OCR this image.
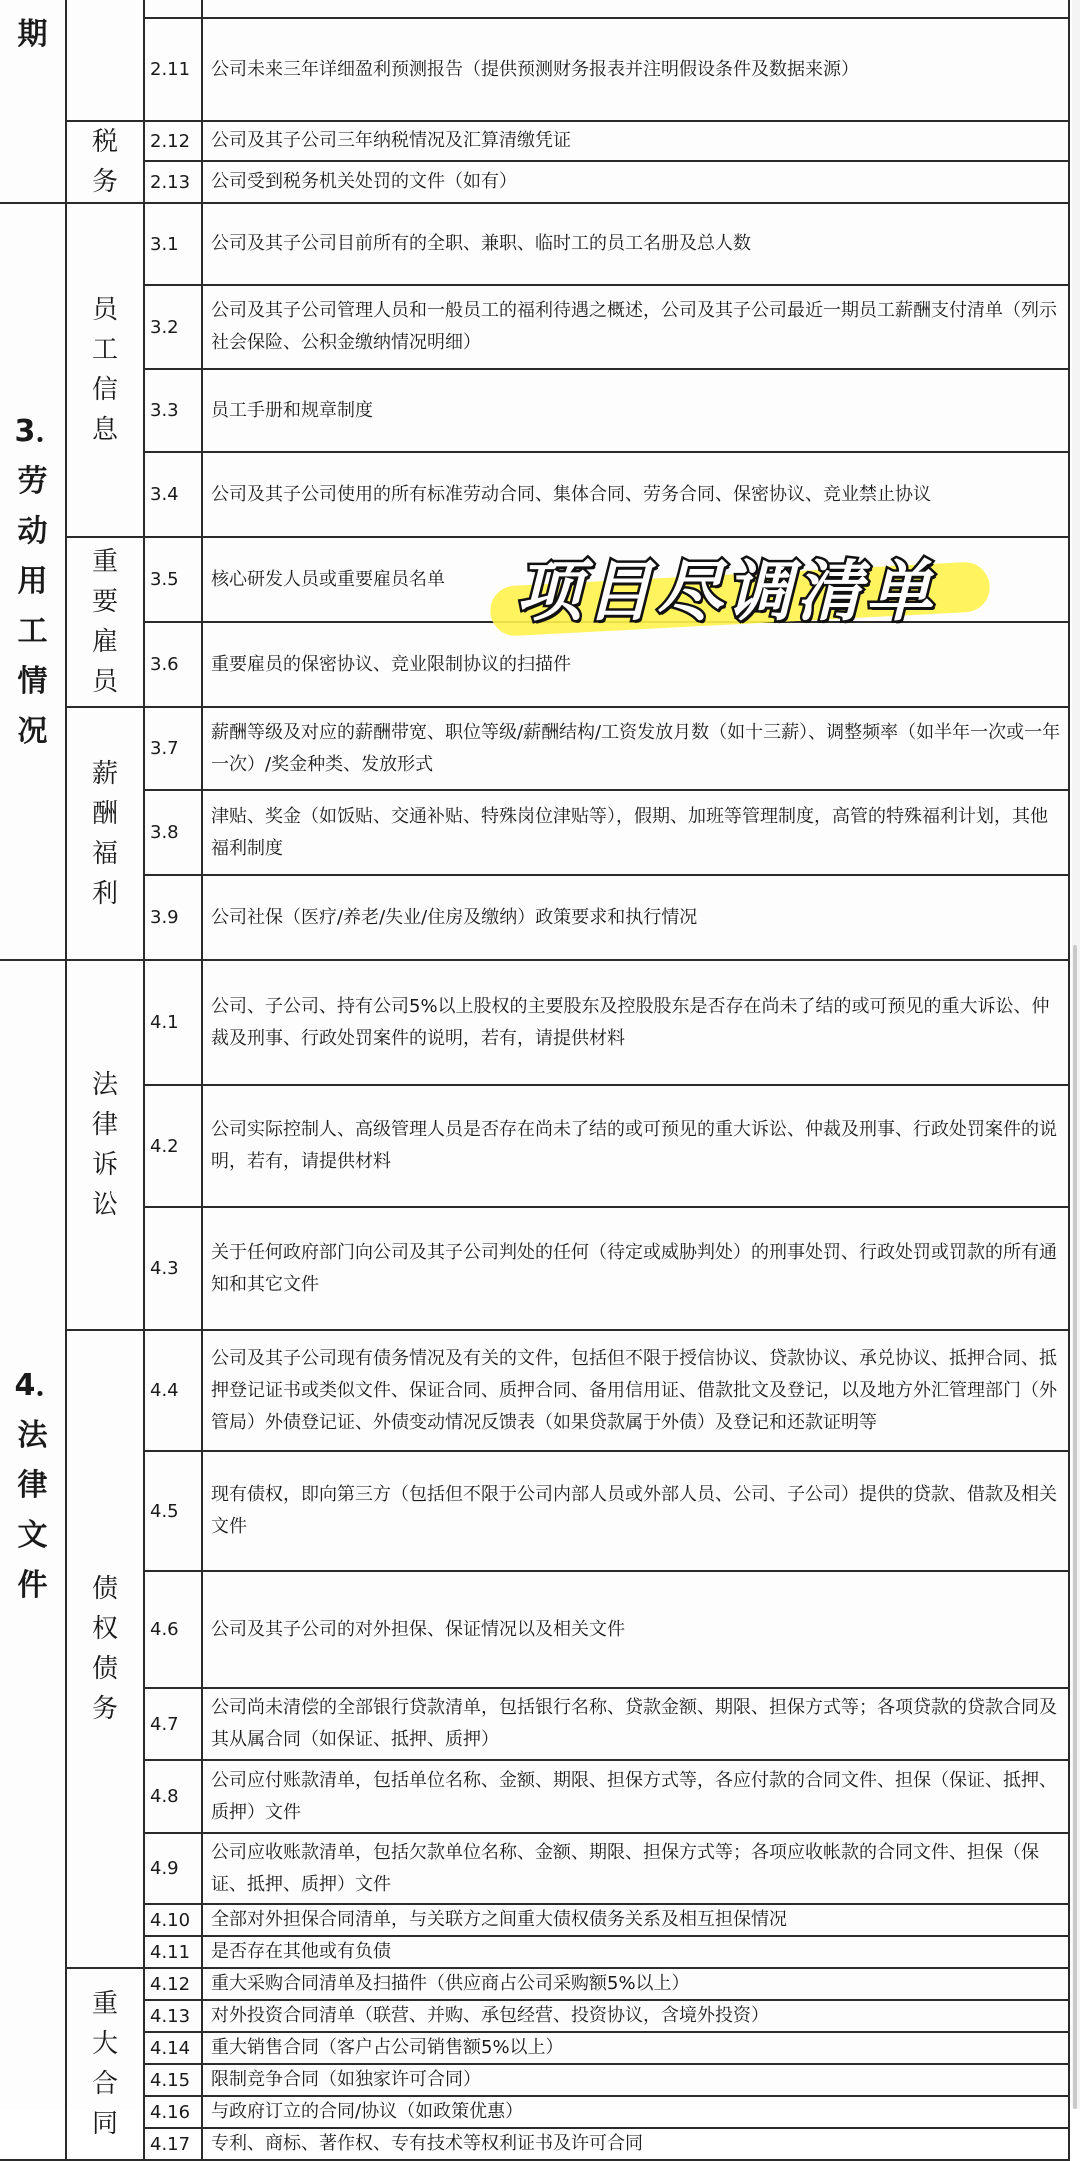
期			
		2.11	公司未来三年详细盈利预测报告（提供预测财务报表并注明假设条件及数据来源）
	税务	2.12	公司及其子公司三年纳税情况及汇算清缴凭证
		2.13	公司受到税务机关处罚的文件（如有）
3．劳动用工情况	员工信息	3.1	公司及其子公司目前所有的全职、兼职、临时工的员工名册及总人数
		3.2	公司及其子公司管理人员和一般员工的福利待遇之概述，公司及其子公司最近一期员工薪酬支付清单（列示社会保险、公积金缴纳情况明细）
		3.3	员工手册和规章制度
		3.4	公司及其子公司使用的所有标准劳动合同、集体合同、劳务合同、保密协议、竞业禁止协议
	重要雇员	3.5	核心研发人员或重要雇员名单
		3.6	重要雇员的保密协议、竞业限制协议的扫描件
	薪酬福利	3.7	薪酬等级及对应的薪酬带宽、职位等级/薪酬结构/工资发放月数（如十三薪）、调整频率（如半年一次或一年一次）/奖金种类、发放形式
		3.8	津贴、奖金（如饭贴、交通补贴、特殊岗位津贴等），假期、加班等管理制度，高管的特殊福利计划，其他福利制度
		3.9	公司社保（医疗/养老/失业/住房及缴纳）政策要求和执行情况
4．法律文件	法律诉讼	4.1	公司、子公司、持有公司5%以上股权的主要股东及控股股东是否存在尚未了结的或可预见的重大诉讼、仲裁及刑事、行政处罚案件的说明，若有，请提供材料
		4.2	公司实际控制人、高级管理人员是否存在尚未了结的或可预见的重大诉讼、仲裁及刑事、行政处罚案件的说明，若有，请提供材料
		4.3	关于任何政府部门向公司及其子公司判处的任何（待定或威胁判处）的刑事处罚、行政处罚或罚款的所有通知和其它文件
	债权债务	4.4	公司及其子公司现有债务情况及有关的文件，包括但不限于授信协议、贷款协议、承兑协议、抵押合同、抵押登记证书或类似文件、保证合同、质押合同、备用信用证、借款批文及登记，以及地方外汇管理部门（外管局）外债登记证、外债变动情况反馈表（如果贷款属于外债）及登记和还款证明等
		4.5	现有债权，即向第三方（包括但不限于公司内部人员或外部人员、公司、子公司）提供的贷款、借款及相关文件
		4.6	公司及其子公司的对外担保、保证情况以及相关文件
		4.7	公司尚未清偿的全部银行贷款清单，包括银行名称、贷款金额、期限、担保方式等；各项贷款的贷款合同及其从属合同（如保证、抵押、质押）
		4.8	公司应付账款清单，包括单位名称、金额、期限、担保方式等，各应付款的合同文件、担保（保证、抵押、质押）文件
		4.9	公司应收账款清单，包括欠款单位名称、金额、期限、担保方式等；各项应收帐款的合同文件、担保（保证、抵押、质押）文件
		4.10	全部对外担保合同清单，与关联方之间重大债权债务关系及相互担保情况
		4.11	是否存在其他或有负债
	重大合同	4.12	重大采购合同清单及扫描件（供应商占公司采购额5%以上）
		4.13	对外投资合同清单（联营、并购、承包经营、投资协议，含境外投资）
		4.14	重大销售合同（客户占公司销售额5%以上）
		4.15	限制竞争合同（如独家许可合同）
		4.16	与政府订立的合同/协议（如政策优惠）
		4.17	专利、商标、著作权、专有技术等权利证书及许可合同
项目尽调清单
